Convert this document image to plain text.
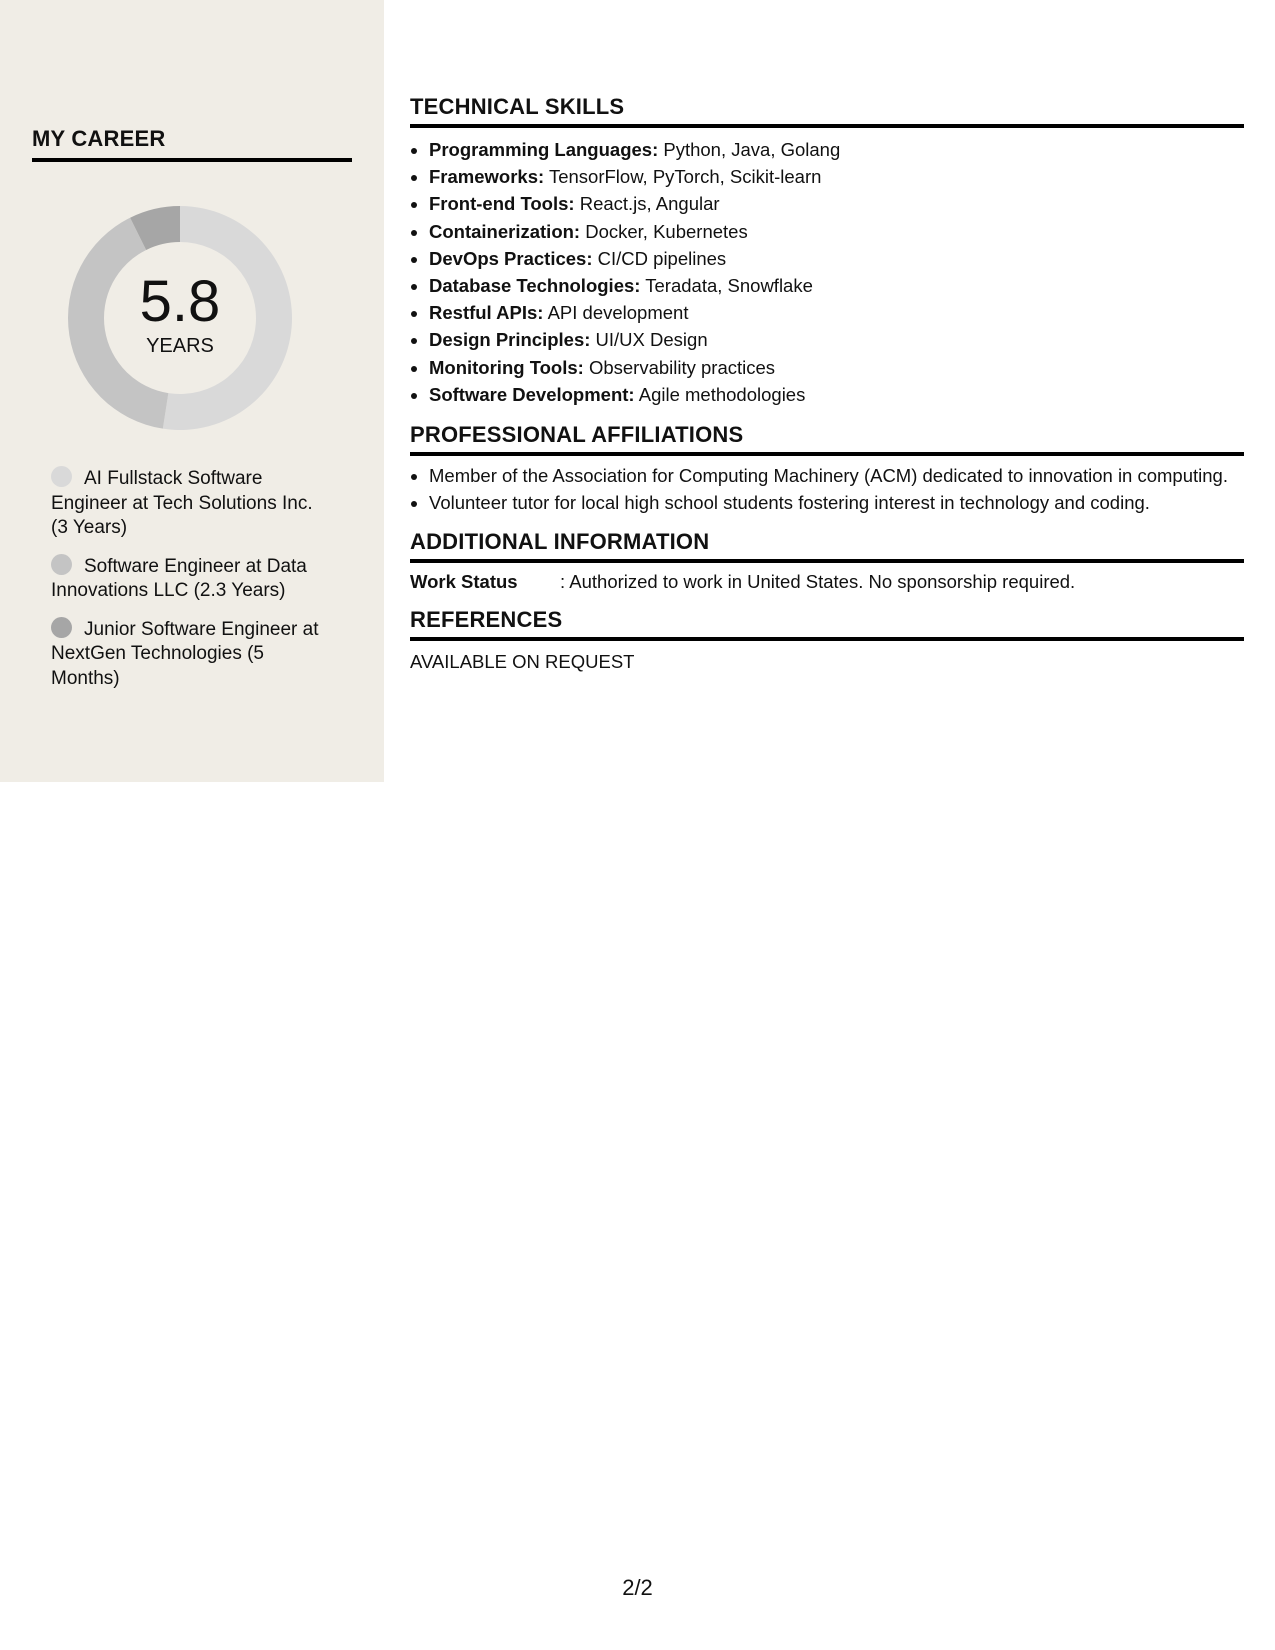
MY CAREER
5.8
YEARS
AI Fullstack Software Engineer at Tech Solutions Inc. (3 Years)
Software Engineer at Data Innovations LLC (2.3 Years)
Junior Software Engineer at NextGen Technologies (5 Months)
TECHNICAL SKILLS
• Programming Languages: Python, Java, Golang
• Frameworks: TensorFlow, PyTorch, Scikit-learn
• Front-end Tools: React.js, Angular
• Containerization: Docker, Kubernetes
• DevOps Practices: CI/CD pipelines
• Database Technologies: Teradata, Snowflake
• Restful APIs: API development
• Design Principles: UI/UX Design
• Monitoring Tools: Observability practices
• Software Development: Agile methodologies
PROFESSIONAL AFFILIATIONS
• Member of the Association for Computing Machinery (ACM) dedicated to innovation in computing.
• Volunteer tutor for local high school students fostering interest in technology and coding.
ADDITIONAL INFORMATION
Work Status	: Authorized to work in United States. No sponsorship required.
REFERENCES
AVAILABLE ON REQUEST
2/2
